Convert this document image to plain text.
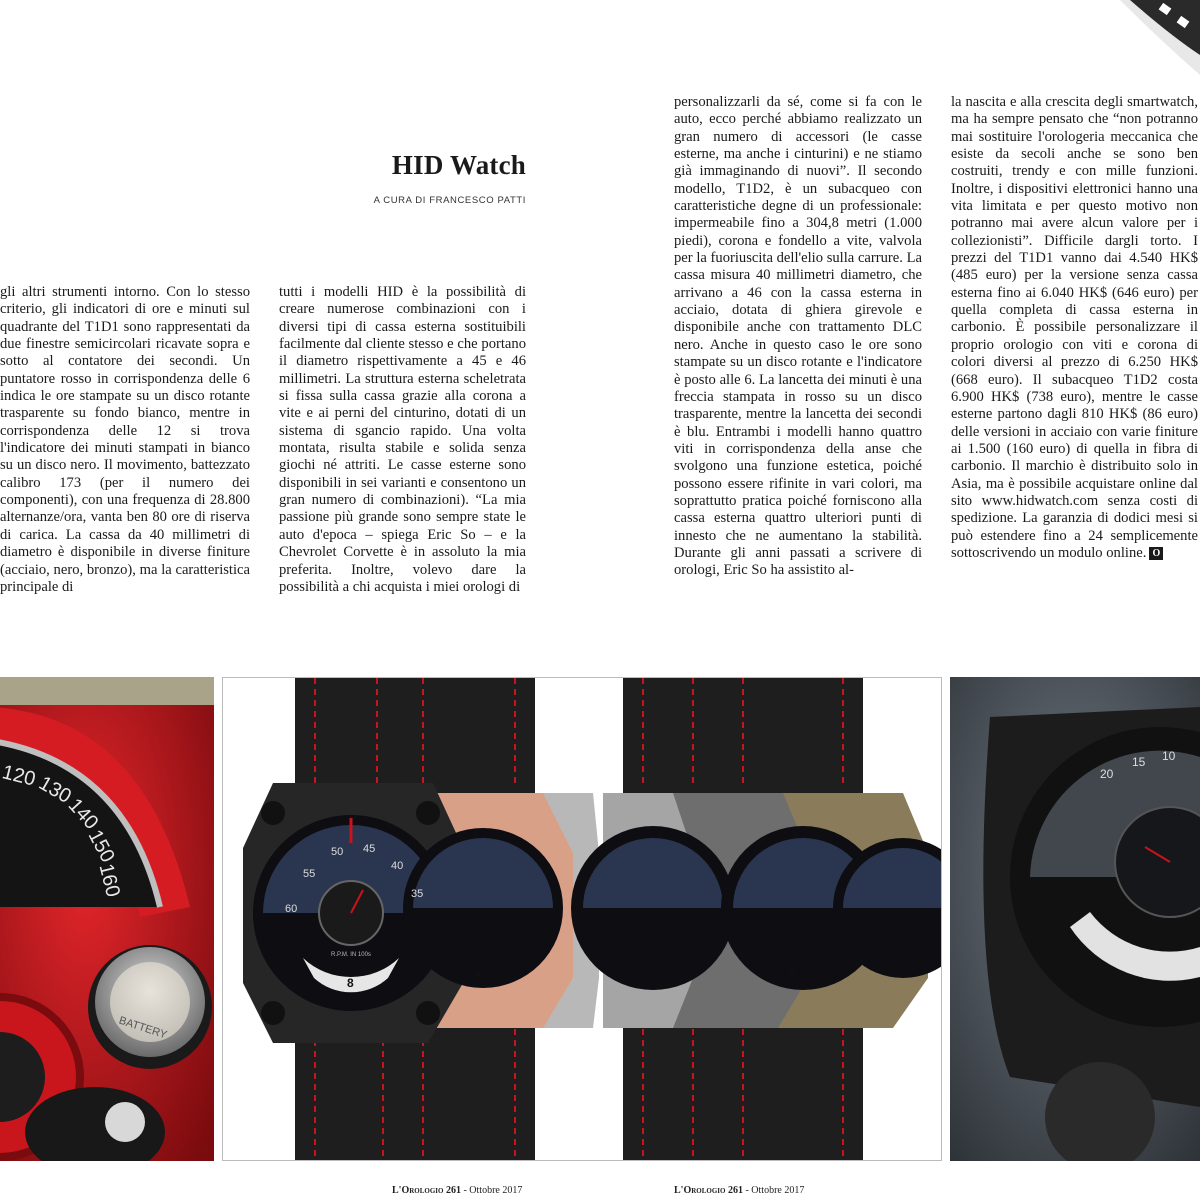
HID Watch
A CURA DI FRANCESCO PATTI

gli altri strumenti intorno. Con lo stesso criterio, gli indicatori di ore e minuti sul quadrante del T1D1 sono rappresentati da due finestre semicircolari ricavate sopra e sotto al contatore dei secondi. Un puntatore rosso in corrispondenza delle 6 indica le ore stampate su un disco rotante trasparente su fondo bianco, mentre in corrispondenza delle 12 si trova l'indicatore dei minuti stampati in bianco su un disco nero. Il movimento, battezzato calibro 173 (per il numero dei componenti), con una frequenza di 28.800 alternanze/ora, vanta ben 80 ore di riserva di carica. La cassa da 40 millimetri di diametro è disponibile in diverse finiture (acciaio, nero, bronzo), ma la caratteristica principale di

tutti i modelli HID è la possibilità di creare numerose combinazioni con i diversi tipi di cassa esterna sostituibili facilmente dal cliente stesso e che portano il diametro rispettivamente a 45 e 46 millimetri. La struttura esterna scheletrata si fissa sulla cassa grazie alla corona a vite e ai perni del cinturino, dotati di un sistema di sgancio rapido. Una volta montata, risulta stabile e solida senza giochi né attriti. Le casse esterne sono disponibili in sei varianti e consentono un gran numero di combinazioni). “La mia passione più grande sono sempre state le auto d'epoca – spiega Eric So – e la Chevrolet Corvette è in assoluto la mia preferita. Inoltre, volevo dare la possibilità a chi acquista i miei orologi di

personalizzarli da sé, come si fa con le auto, ecco perché abbiamo realizzato un gran numero di accessori (le casse esterne, ma anche i cinturini) e ne stiamo già immaginando di nuovi”. Il secondo modello, T1D2, è un subacqueo con caratteristiche degne di un professionale: impermeabile fino a 304,8 metri (1.000 piedi), corona e fondello a vite, valvola per la fuoriuscita dell'elio sulla carrure. La cassa misura 40 millimetri diametro, che arrivano a 46 con la cassa esterna in acciaio, dotata di ghiera girevole e disponibile anche con trattamento DLC nero. Anche in questo caso le ore sono stampate su un disco rotante e l'indicatore è posto alle 6. La lancetta dei minuti è una freccia stampata in rosso su un disco trasparente, mentre la lancetta dei secondi è blu. Entrambi i modelli hanno quattro viti in corrispondenza della anse che svolgono una funzione estetica, poiché possono essere rifinite in vari colori, ma soprattutto pratica poiché forniscono alla cassa esterna quattro ulteriori punti di innesto che ne aumentano la stabilità. Durante gli anni passati a scrivere di orologi, Eric So ha assistito al-

la nascita e alla crescita degli smartwatch, ma ha sempre pensato che “non potranno mai sostituire l'orologeria meccanica che esiste da secoli anche se sono ben costruiti, trendy e con mille funzioni. Inoltre, i dispositivi elettronici hanno una vita limitata e per questo motivo non potranno mai avere alcun valore per i collezionisti”. Difficile dargli torto. I prezzi del T1D1 vanno dai 4.540 HK$ (485 euro) per la versione senza cassa esterna fino ai 6.040 HK$ (646 euro) per quella completa di cassa esterna in carbonio. È possibile personalizzare il proprio orologio con viti e corona di colori diversi al prezzo di 6.250 HK$ (668 euro). Il subacqueo T1D2 costa 6.900 HK$ (738 euro), mentre le casse esterne partono dagli 810 HK$ (86 euro) delle versioni in acciaio con varie finiture ai 1.500 (160 euro) di quella in fibra di carbonio. Il marchio è distribuito solo in Asia, ma è possibile acquistare online dal sito www.hidwatch.com senza costi di spedizione. La garanzia di dodici mesi si può estendere fino a 24 semplicemente sottoscrivendo un modulo online. O

120
130
140
150
160
BATTERY
60
55
50 45
40
35
R.P.M. IN 100s
8
8	8
20
15 10
8
L'Orologio 261 - Ottobre 2017	L'Orologio 261 - Ottobre 2017
